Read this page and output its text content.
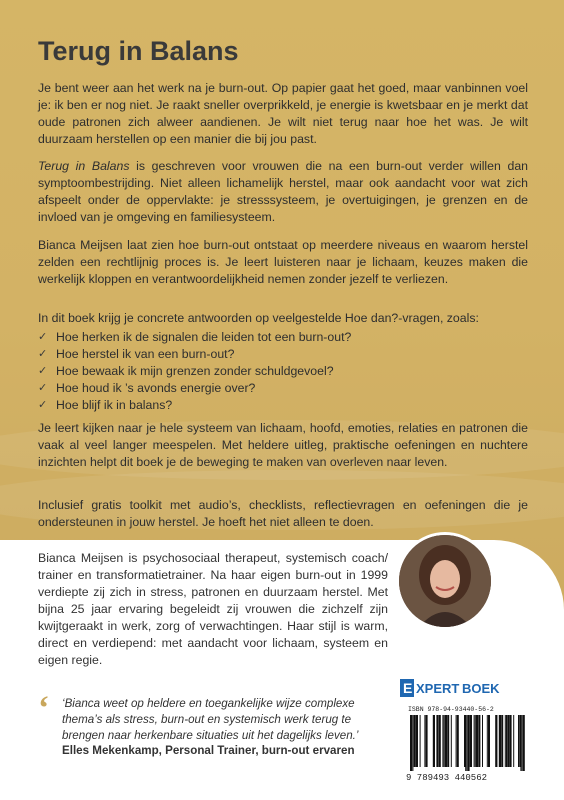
Terug in Balans

Je bent weer aan het werk na je burn-out. Op papier gaat het goed, maar vanbinnen voel je: ik ben er nog niet. Je raakt sneller overprikkeld, je energie is kwetsbaar en je merkt dat oude patronen zich alweer aandienen. Je wilt niet terug naar hoe het was. Je wilt duurzaam herstellen op een manier die bij jou past.

Terug in Balans is geschreven voor vrouwen die na een burn-out verder willen dan symptoombestrijding. Niet alleen lichamelijk herstel, maar ook aandacht voor wat zich afspeelt onder de oppervlakte: je stresssysteem, je overtuigingen, je grenzen en de invloed van je omgeving en familiesysteem.

Bianca Meijsen laat zien hoe burn-out ontstaat op meerdere niveaus en waarom herstel zelden een rechtlijnig proces is. Je leert luisteren naar je lichaam, keuzes maken die werkelijk kloppen en verantwoordelijkheid nemen zonder jezelf te verliezen.

In dit boek krijg je concrete antwoorden op veelgestelde Hoe dan?-vragen, zoals:

✓ Hoe herken ik de signalen die leiden tot een burn-out?
✓ Hoe herstel ik van een burn-out?
✓ Hoe bewaak ik mijn grenzen zonder schuldgevoel?
✓ Hoe houd ik ’s avonds energie over?
✓ Hoe blijf ik in balans?

Je leert kijken naar je hele systeem van lichaam, hoofd, emoties, relaties en patronen die vaak al veel langer meespelen. Met heldere uitleg, praktische oefeningen en nuchtere inzichten helpt dit boek je de beweging te maken van overleven naar leven.

Inclusief gratis toolkit met audio’s, checklists, reflectievragen en oefeningen die je ondersteunen in jouw herstel. Je hoeft het niet alleen te doen.

Bianca Meijsen is psychosociaal therapeut, systemisch coach/ trainer en transformatietrainer. Na haar eigen burn-out in 1999 verdiepte zij zich in stress, patronen en duurzaam herstel. Met bijna 25 jaar ervaring begeleidt zij vrouwen die zichzelf zijn kwijtgeraakt in werk, zorg of verwachtingen. Haar stijl is warm, direct en verdiepend: met aandacht voor lichaam, systeem en eigen regie.

‘ ‘Bianca weet op heldere en toegankelijke wijze complexe thema’s als stress, burn-out en systemisch werk terug te brengen naar herkenbare situaties uit het dagelijks leven.’

Elles Mekenkamp, Personal Trainer, burn-out ervaren

E XPERT BOEK
ISBN 978-94-93440-56-2
9 789493 440562
